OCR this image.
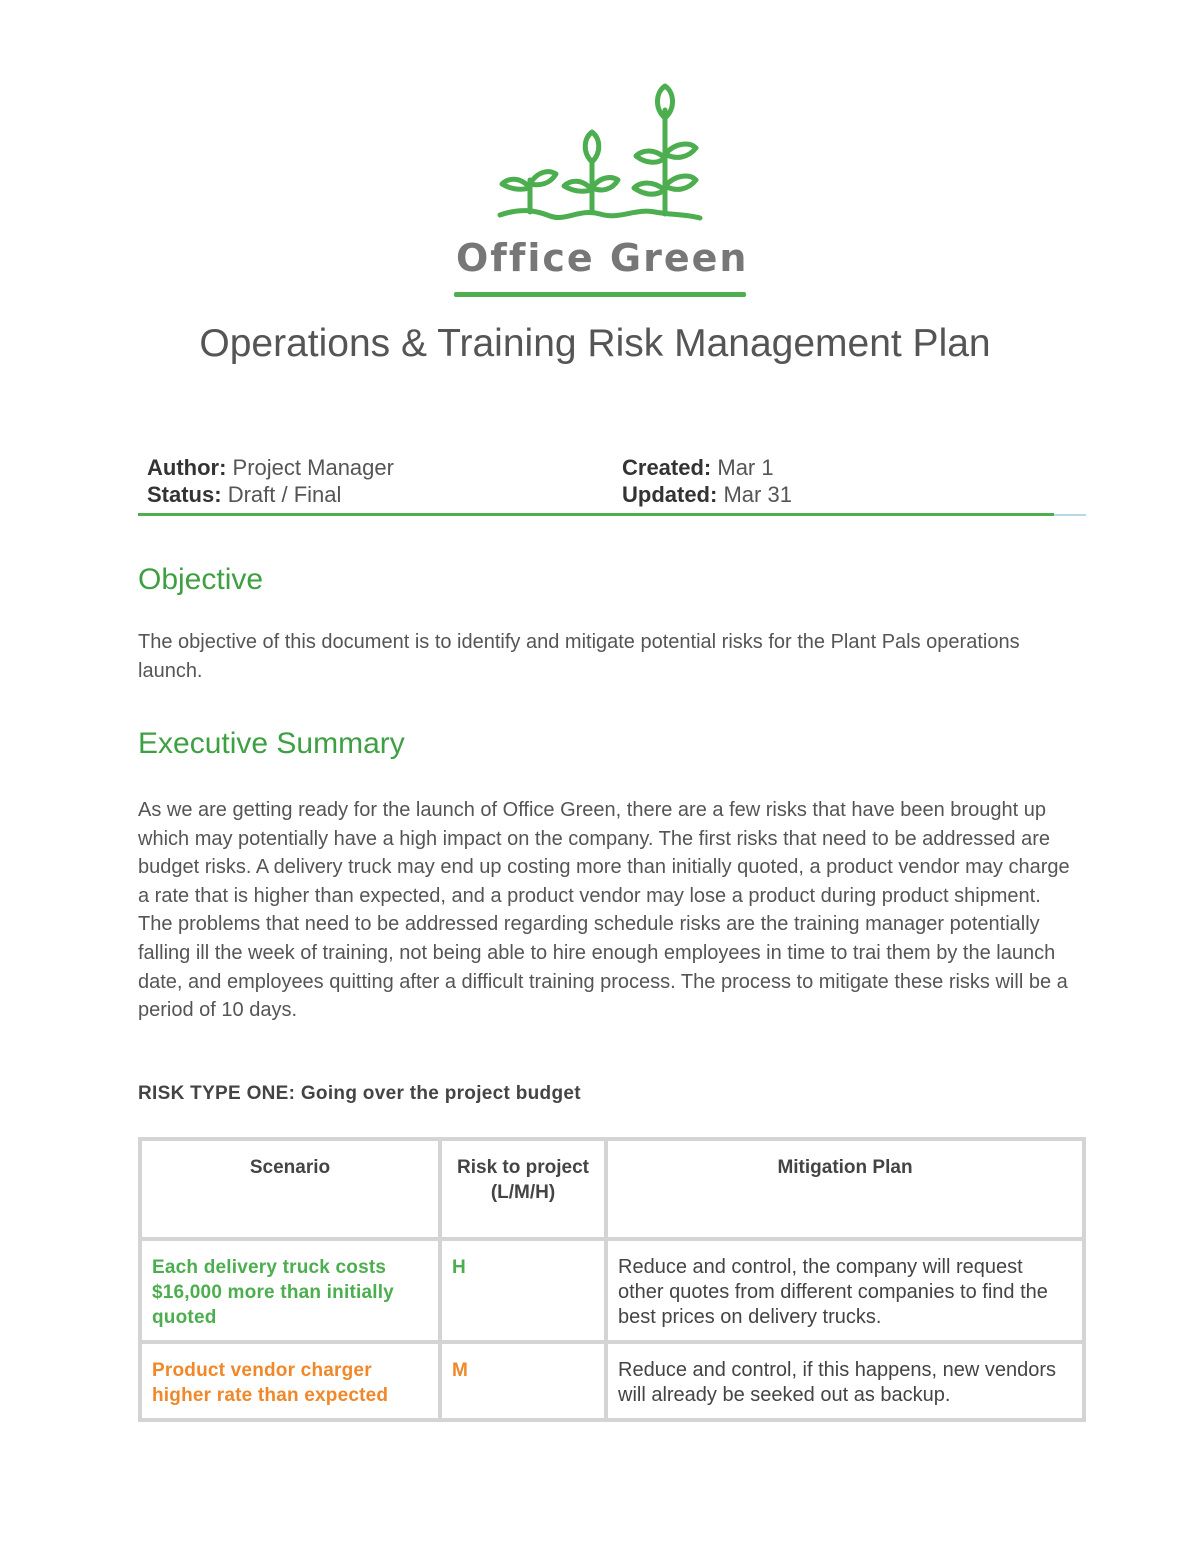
Office Green
Operations & Training Risk Management Plan
Author: Project Manager
Status: Draft / Final
Created: Mar 1
Updated: Mar 31
Objective

The objective of this document is to identify and mitigate potential risks for the Plant Pals operations launch.

Executive Summary

As we are getting ready for the launch of Office Green, there are a few risks that have been brought up which may potentially have a high impact on the company. The first risks that need to be addressed are budget risks. A delivery truck may end up costing more than initially quoted, a product vendor may charge a rate that is higher than expected, and a product vendor may lose a product during product shipment. The problems that need to be addressed regarding schedule risks are the training manager potentially falling ill the week of training, not being able to hire enough employees in time to trai them by the launch date, and employees quitting after a difficult training process. The process to mitigate these risks will be a period of 10 days.

RISK TYPE ONE: Going over the project budget
Scenario	Risk to project (L/M/H)	Mitigation Plan
Each delivery truck costs $16,000 more than initially quoted	H	Reduce and control, the company will request other quotes from different companies to find the best prices on delivery trucks.
Product vendor charger higher rate than expected	M	Reduce and control, if this happens, new vendors will already be seeked out as backup.
